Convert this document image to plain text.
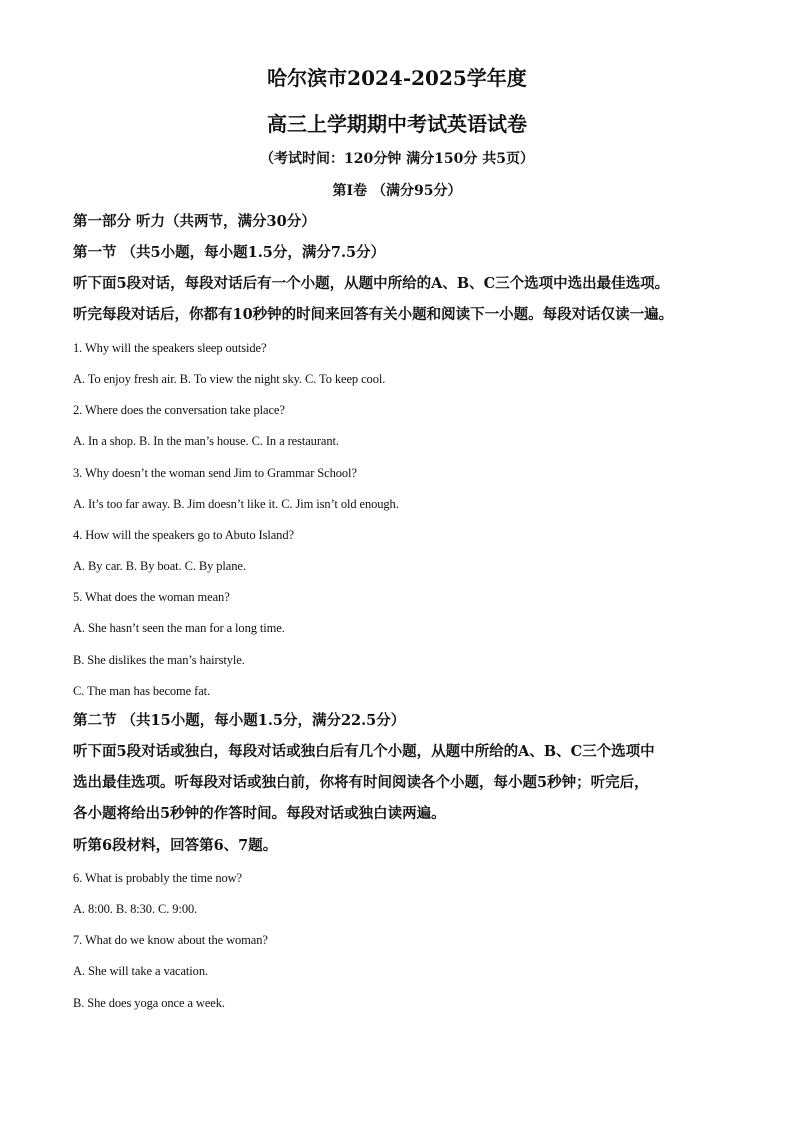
哈尔滨市2024-2025学年度
高三上学期期中考试英语试卷
（考试时间：120分钟 满分150分 共5页）
第I卷 （满分95分）
第一部分 听力（共两节，满分30分）
第一节 （共5小题，每小题1.5分，满分7.5分）
听下面5段对话，每段对话后有一个小题，从题中所给的A、B、C三个选项中选出最佳选项。
听完每段对话后，你都有10秒钟的时间来回答有关小题和阅读下一小题。每段对话仅读一遍。
1. Why will the speakers sleep outside?
A. To enjoy fresh air. B. To view the night sky. C. To keep cool.
2. Where does the conversation take place?
A. In a shop. B. In the man’s house. C. In a restaurant.
3. Why doesn’t the woman send Jim to Grammar School?
A. It’s too far away. B. Jim doesn’t like it. C. Jim isn’t old enough.
4. How will the speakers go to Abuto Island?
A. By car. B. By boat. C. By plane.
5. What does the woman mean?
A. She hasn’t seen the man for a long time.
B. She dislikes the man’s hairstyle.
C. The man has become fat.
第二节 （共15小题，每小题1.5分，满分22.5分）
听下面5段对话或独白，每段对话或独白后有几个小题，从题中所给的A、B、C三个选项中
选出最佳选项。听每段对话或独白前，你将有时间阅读各个小题，每小题5秒钟；听完后，
各小题将给出5秒钟的作答时间。每段对话或独白读两遍。
听第6段材料，回答第6、7题。
6. What is probably the time now?
A. 8:00. B. 8:30. C. 9:00.
7. What do we know about the woman?
A. She will take a vacation.
B. She does yoga once a week.
